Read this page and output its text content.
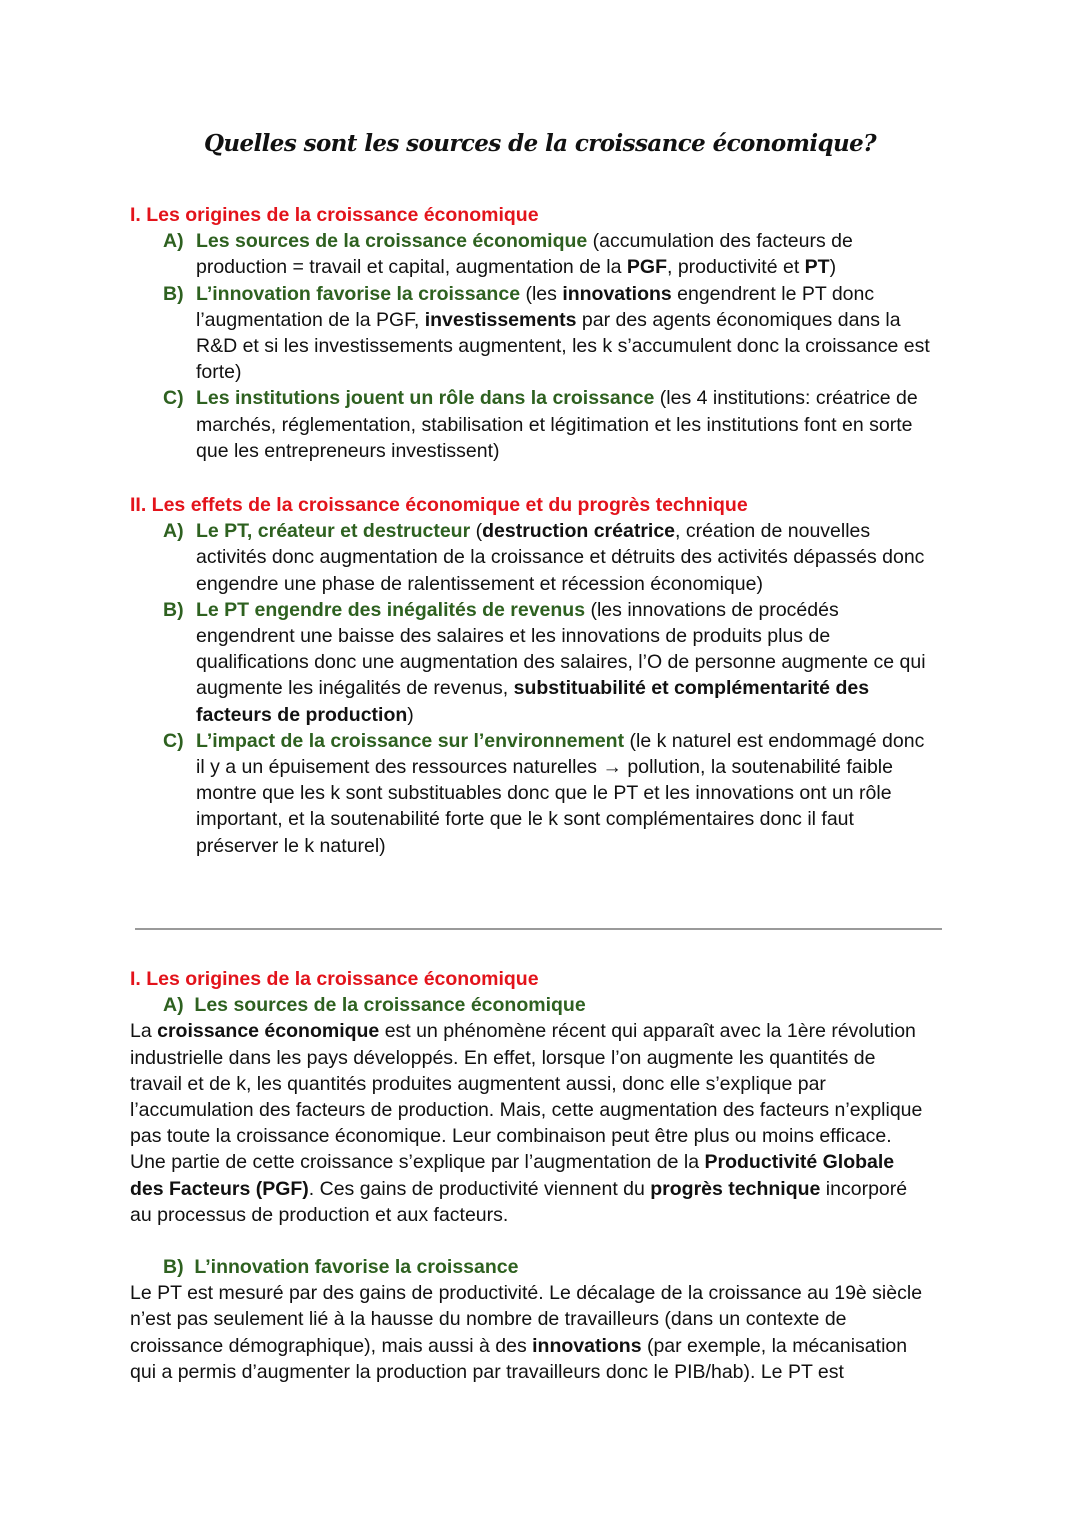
Quelles sont les sources de la croissance économique?
I. Les origines de la croissance économique
A) Les sources de la croissance économique (accumulation des facteurs de
production = travail et capital, augmentation de la PGF, productivité et PT)
B) L’innovation favorise la croissance (les innovations engendrent le PT donc
l’augmentation de la PGF, investissements par des agents économiques dans la
R&D et si les investissements augmentent, les k s’accumulent donc la croissance est
forte)
C) Les institutions jouent un rôle dans la croissance (les 4 institutions: créatrice de
marchés, réglementation, stabilisation et légitimation et les institutions font en sorte
que les entrepreneurs investissent)
II. Les effets de la croissance économique et du progrès technique
A) Le PT, créateur et destructeur (destruction créatrice, création de nouvelles
activités donc augmentation de la croissance et détruits des activités dépassés donc
engendre une phase de ralentissement et récession économique)
B) Le PT engendre des inégalités de revenus (les innovations de procédés
engendrent une baisse des salaires et les innovations de produits plus de
qualifications donc une augmentation des salaires, l’O de personne augmente ce qui
augmente les inégalités de revenus, substituabilité et complémentarité des
facteurs de production)
C) L’impact de la croissance sur l’environnement (le k naturel est endommagé donc
il y a un épuisement des ressources naturelles → pollution, la soutenabilité faible
montre que les k sont substituables donc que le PT et les innovations ont un rôle
important, et la soutenabilité forte que le k sont complémentaires donc il faut
préserver le k naturel)
I. Les origines de la croissance économique
A) Les sources de la croissance économique
La croissance économique est un phénomène récent qui apparaît avec la 1ère révolution
industrielle dans les pays développés. En effet, lorsque l’on augmente les quantités de
travail et de k, les quantités produites augmentent aussi, donc elle s’explique par
l’accumulation des facteurs de production. Mais, cette augmentation des facteurs n’explique
pas toute la croissance économique. Leur combinaison peut être plus ou moins efficace.
Une partie de cette croissance s’explique par l’augmentation de la Productivité Globale
des Facteurs (PGF). Ces gains de productivité viennent du progrès technique incorporé
au processus de production et aux facteurs.
B) L’innovation favorise la croissance
Le PT est mesuré par des gains de productivité. Le décalage de la croissance au 19è siècle
n’est pas seulement lié à la hausse du nombre de travailleurs (dans un contexte de
croissance démographique), mais aussi à des innovations (par exemple, la mécanisation
qui a permis d’augmenter la production par travailleurs donc le PIB/hab). Le PT est
